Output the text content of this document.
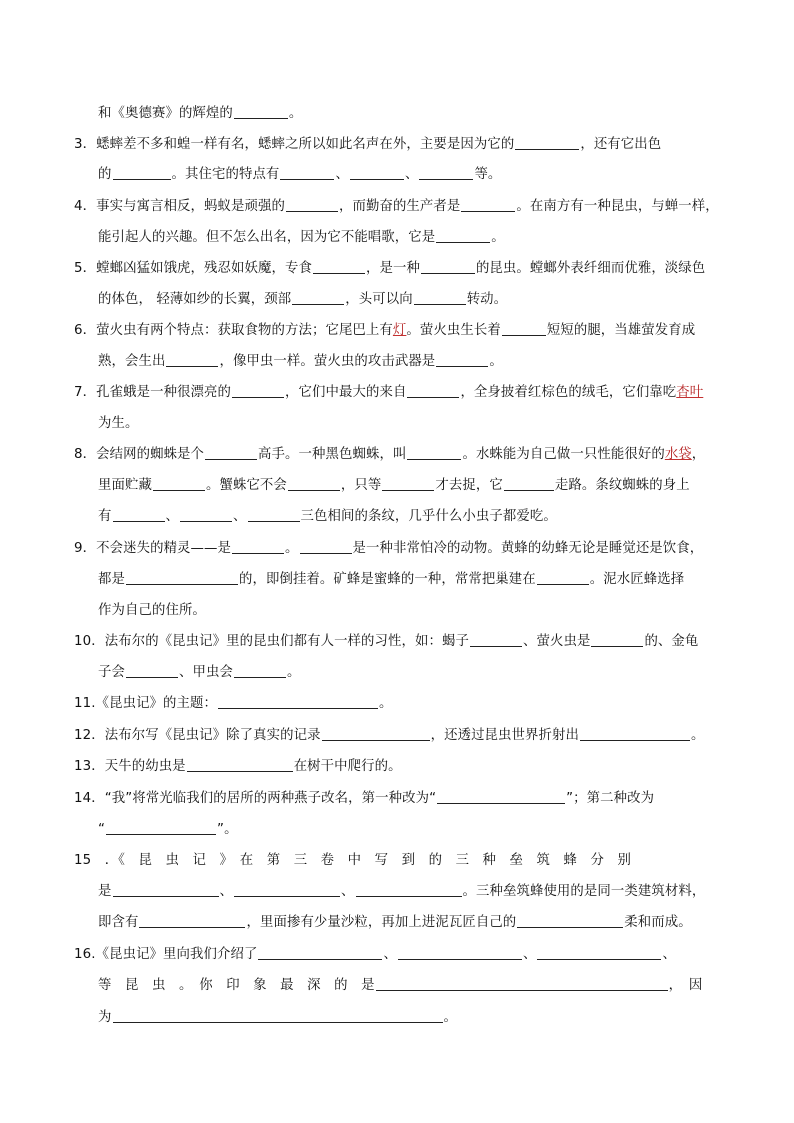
和《奥德赛》的辉煌的	。
3．蟋蟀差不多和蝗一样有名，蟋蟀之所以如此名声在外，主要是因为它的	，还有它出色
的	。其住宅的特点有	、	、	等。
4．事实与寓言相反，蚂蚁是顽强的	，而勤奋的生产者是	。在南方有一种昆虫，与蝉一样，
能引起人的兴趣。但不怎么出名，因为它不能唱歌，它是	。
5．螳螂凶猛如饿虎，残忍如妖魔，专食	，是一种	的昆虫。螳螂外表纤细而优雅，淡绿色
的体色， 轻薄如纱的长翼，颈部	，头可以向	转动。
6．萤火虫有两个特点：获取食物的方法；它尾巴上有灯。萤火虫生长着	短短的腿，当雄萤发育成
熟，会生出	，像甲虫一样。萤火虫的攻击武器是	。
7．孔雀蛾是一种很漂亮的	，它们中最大的来自	，全身披着红棕色的绒毛，它们靠吃杏叶
为生。
8．会结网的蜘蛛是个	高手。一种黑色蜘蛛，叫	。水蛛能为自己做一只性能很好的水袋，
里面贮藏	。蟹蛛它不会	，只等	才去捉，它	走路。条纹蜘蛛的身上
有	、	、	三色相间的条纹，几乎什么小虫子都爱吃。
9．不会迷失的精灵——是	。	是一种非常怕冷的动物。黄蜂的幼蜂无论是睡觉还是饮食，
都是	的，即倒挂着。矿蜂是蜜蜂的一种，常常把巢建在	。泥水匠蜂选择
作为自己的住所。
10．法布尔的《昆虫记》里的昆虫们都有人一样的习性，如：蝎子	、萤火虫是	的、金龟
子会	、甲虫会	。
11.《昆虫记》的主题：	。
12．法布尔写《昆虫记》除了真实的记录	，还透过昆虫世界折射出	。
13．天牛的幼虫是	在树干中爬行的。
14．“我”将常光临我们的居所的两种燕子改名，第一种改为“	”；第二种改为
“	”。
15　．《　昆　虫　记　》　在　第　三　卷　中　写　到　的　三　种　垒　筑　蜂　分　别
是	、	、	。三种垒筑蜂使用的是同一类建筑材料，
即含有	，里面掺有少量沙粒，再加上进泥瓦匠自己的	柔和而成。
16.《昆虫记》里向我们介绍了	、	、	、
等　昆　虫　。　你　印　象　最　深　的　是	，　因
为	。
